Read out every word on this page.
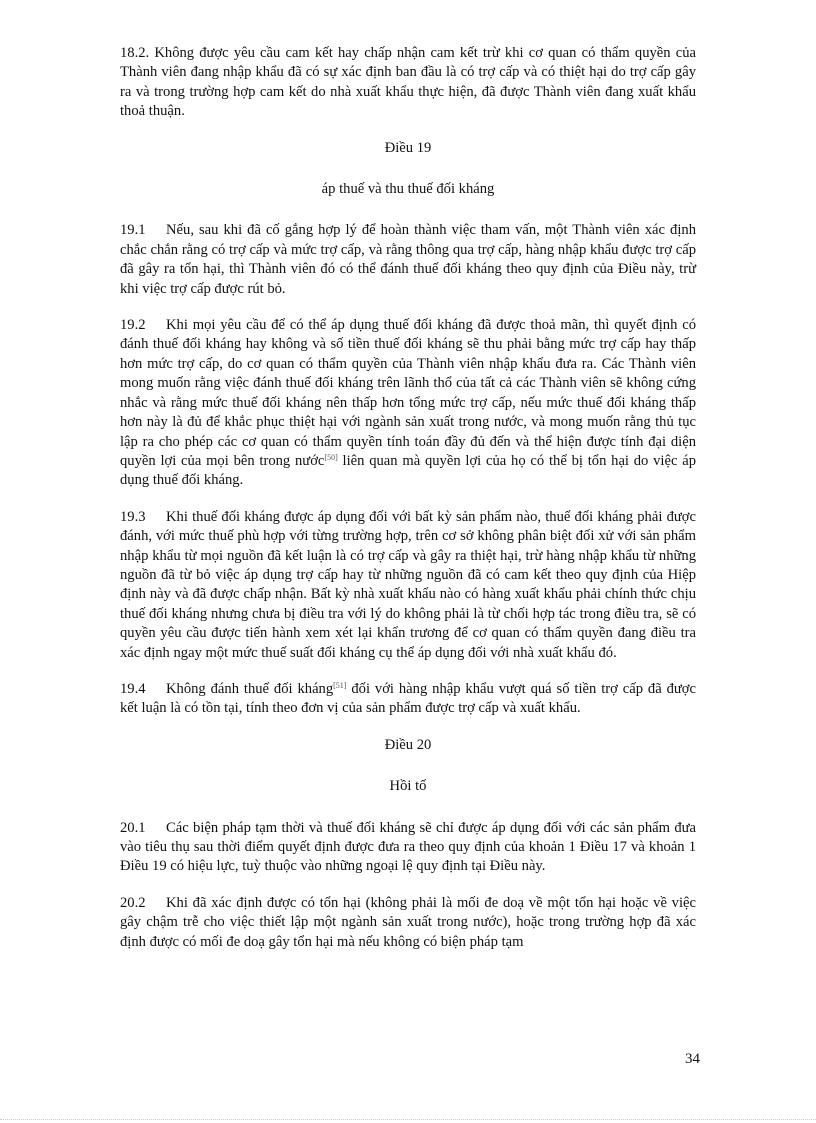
18.2. Không được yêu cầu cam kết hay chấp nhận cam kết trừ khi cơ quan có thẩm quyền của Thành viên đang nhập khẩu đã có sự xác định ban đầu là có trợ cấp và có thiệt hại do trợ cấp gây ra và trong trường hợp cam kết do nhà xuất khẩu thực hiện, đã được Thành viên đang xuất khẩu thoả thuận.

Điều 19
áp thuế và thu thuế đối kháng

19.1 Nếu, sau khi đã cố gắng hợp lý để hoàn thành việc tham vấn, một Thành viên xác định chắc chắn rằng có trợ cấp và mức trợ cấp, và rằng thông qua trợ cấp, hàng nhập khẩu được trợ cấp đã gây ra tổn hại, thì Thành viên đó có thể đánh thuế đối kháng theo quy định của Điều này, trừ khi việc trợ cấp được rút bỏ.

19.2 Khi mọi yêu cầu để có thể áp dụng thuế đối kháng đã được thoả mãn, thì quyết định có đánh thuế đối kháng hay không và số tiền thuế đối kháng sẽ thu phải bằng mức trợ cấp hay thấp hơn mức trợ cấp, do cơ quan có thẩm quyền của Thành viên nhập khẩu đưa ra. Các Thành viên mong muốn rằng việc đánh thuế đối kháng trên lãnh thổ của tất cả các Thành viên sẽ không cứng nhắc và rằng mức thuế đối kháng nên thấp hơn tổng mức trợ cấp, nếu mức thuế đối kháng thấp hơn này là đủ để khắc phục thiệt hại với ngành sản xuất trong nước, và mong muốn rằng thủ tục lập ra cho phép các cơ quan có thẩm quyền tính toán đầy đủ đến và thể hiện được tính đại diện quyền lợi của mọi bên trong nước[50] liên quan mà quyền lợi của họ có thể bị tổn hại do việc áp dụng thuế đối kháng.

19.3 Khi thuế đối kháng được áp dụng đối với bất kỳ sản phẩm nào, thuế đối kháng phải được đánh, với mức thuế phù hợp với từng trường hợp, trên cơ sở không phân biệt đối xử với sản phẩm nhập khẩu từ mọi nguồn đã kết luận là có trợ cấp và gây ra thiệt hại, trừ hàng nhập khẩu từ những nguồn đã từ bỏ việc áp dụng trợ cấp hay từ những nguồn đã có cam kết theo quy định của Hiệp định này và đã được chấp nhận. Bất kỳ nhà xuất khẩu nào có hàng xuất khẩu phải chính thức chịu thuế đối kháng nhưng chưa bị điều tra với lý do không phải là từ chối hợp tác trong điều tra, sẽ có quyền yêu cầu được tiến hành xem xét lại khẩn trương để cơ quan có thẩm quyền đang điều tra xác định ngay một mức thuế suất đối kháng cụ thể áp dụng đối với nhà xuất khẩu đó.

19.4 Không đánh thuế đối kháng[51] đối với hàng nhập khẩu vượt quá số tiền trợ cấp đã được kết luận là có tồn tại, tính theo đơn vị của sản phẩm được trợ cấp và xuất khẩu.

Điều 20
Hồi tố

20.1 Các biện pháp tạm thời và thuế đối kháng sẽ chỉ được áp dụng đối với các sản phẩm đưa vào tiêu thụ sau thời điểm quyết định được đưa ra theo quy định của khoản 1 Điều 17 và khoản 1 Điều 19 có hiệu lực, tuỳ thuộc vào những ngoại lệ quy định tại Điều này.

20.2 Khi đã xác định được có tổn hại (không phải là mối đe doạ về một tổn hại hoặc về việc gây chậm trễ cho việc thiết lập một ngành sản xuất trong nước), hoặc trong trường hợp đã xác định được có mối đe doạ gây tổn hại mà nếu không có biện pháp tạm

34
